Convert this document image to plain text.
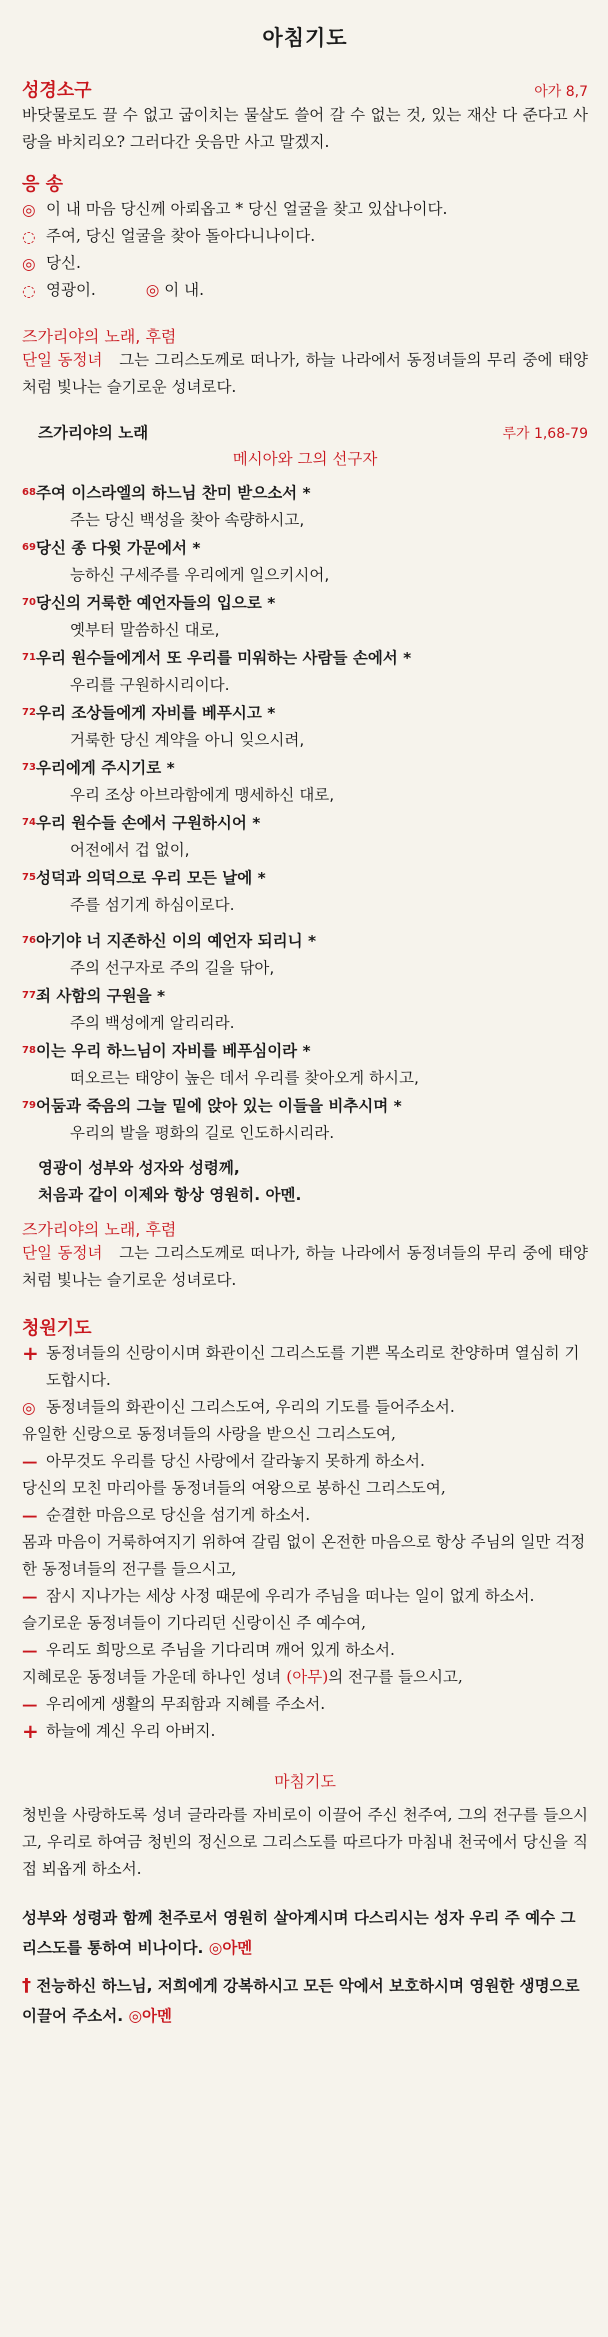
아침기도
성경소구	아가 8,7
바닷물로도 끌 수 없고 굽이치는 물살도 쓸어 갈 수 없는 것, 있는 재산 다 준다고 사랑을 바치리오? 그러다간 웃음만 사고 말겠지.
응 송
◎ 이 내 마음 당신께 아뢰옵고 * 당신 얼굴을 찾고 있삽나이다.
◌ 주여, 당신 얼굴을 찾아 돌아다니나이다.
◎ 당신.
◌ 영광이.	◎ 이 내.
즈가리야의 노래, 후렴
단일 동정녀 그는 그리스도께로 떠나가, 하늘 나라에서 동정녀들의 무리 중에 태양처럼 빛나는 슬기로운 성녀로다.
즈가리야의 노래	루가 1,68-79
메시아와 그의 선구자
68주여 이스라엘의 하느님 찬미 받으소서 *
주는 당신 백성을 찾아 속량하시고,
69당신 종 다윗 가문에서 *
능하신 구세주를 우리에게 일으키시어,
70당신의 거룩한 예언자들의 입으로 *
옛부터 말씀하신 대로,
71우리 원수들에게서 또 우리를 미워하는 사람들 손에서 *
우리를 구원하시리이다.
72우리 조상들에게 자비를 베푸시고 *
거룩한 당신 계약을 아니 잊으시려,
73우리에게 주시기로 *
우리 조상 아브라함에게 맹세하신 대로,
74우리 원수들 손에서 구원하시어 *
어전에서 겁 없이,
75성덕과 의덕으로 우리 모든 날에 *
주를 섬기게 하심이로다.
76아기야 너 지존하신 이의 예언자 되리니 *
주의 선구자로 주의 길을 닦아,
77죄 사함의 구원을 *
주의 백성에게 알리리라.
78이는 우리 하느님이 자비를 베푸심이라 *
떠오르는 태양이 높은 데서 우리를 찾아오게 하시고,
79어둠과 죽음의 그늘 밑에 앉아 있는 이들을 비추시며 *
우리의 발을 평화의 길로 인도하시리라.
영광이 성부와 성자와 성령께,
처음과 같이 이제와 항상 영원히. 아멘.
즈가리야의 노래, 후렴
단일 동정녀 그는 그리스도께로 떠나가, 하늘 나라에서 동정녀들의 무리 중에 태양처럼 빛나는 슬기로운 성녀로다.
청원기도
+ 동정녀들의 신랑이시며 화관이신 그리스도를 기쁜 목소리로 찬양하며 열심히 기도합시다.
◎ 동정녀들의 화관이신 그리스도여, 우리의 기도를 들어주소서.
유일한 신랑으로 동정녀들의 사랑을 받으신 그리스도여,
— 아무것도 우리를 당신 사랑에서 갈라놓지 못하게 하소서.
당신의 모친 마리아를 동정녀들의 여왕으로 봉하신 그리스도여,
— 순결한 마음으로 당신을 섬기게 하소서.
몸과 마음이 거룩하여지기 위하여 갈림 없이 온전한 마음으로 항상 주님의 일만 걱정한 동정녀들의 전구를 들으시고,
— 잠시 지나가는 세상 사정 때문에 우리가 주님을 떠나는 일이 없게 하소서.
슬기로운 동정녀들이 기다리던 신랑이신 주 예수여,
— 우리도 희망으로 주님을 기다리며 깨어 있게 하소서.
지혜로운 동정녀들 가운데 하나인 성녀 (아무)의 전구를 들으시고,
— 우리에게 생활의 무죄함과 지혜를 주소서.
+ 하늘에 계신 우리 아버지.
마침기도
청빈을 사랑하도록 성녀 글라라를 자비로이 이끌어 주신 천주여, 그의 전구를 들으시고, 우리로 하여금 청빈의 정신으로 그리스도를 따르다가 마침내 천국에서 당신을 직접 뵈옵게 하소서.
성부와 성령과 함께 천주로서 영원히 살아계시며 다스리시는 성자 우리 주 예수 그리스도를 통하여 비나이다. ◎아멘
† 전능하신 하느님, 저희에게 강복하시고 모든 악에서 보호하시며 영원한 생명으로 이끌어 주소서. ◎아멘
